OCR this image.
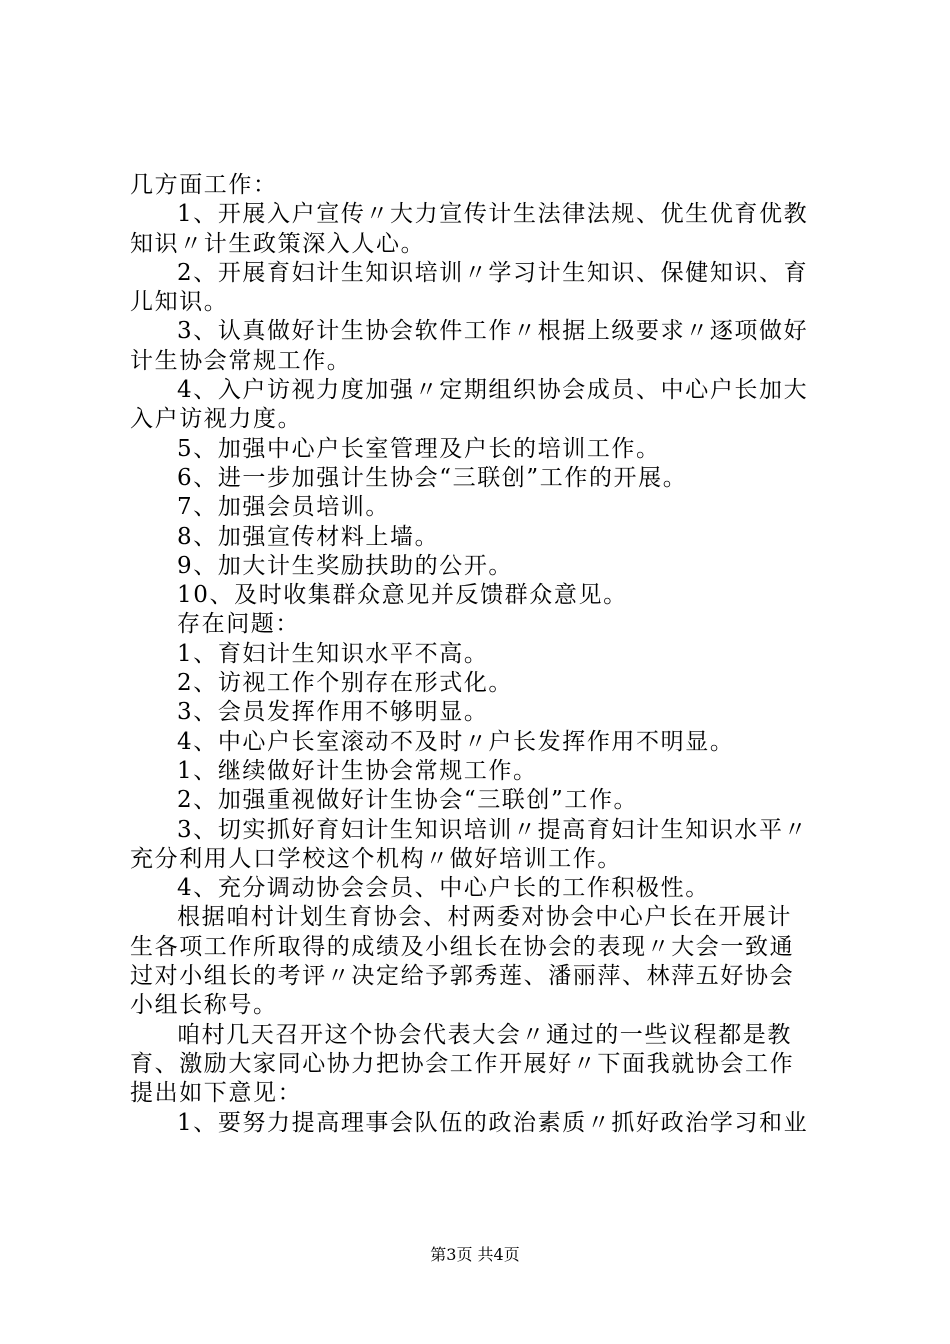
几方面工作：
1、开展入户宣传〃大力宣传计生法律法规、优生优育优教
知识〃计生政策深入人心。
2、开展育妇计生知识培训〃学习计生知识、保健知识、育
儿知识。
3、认真做好计生协会软件工作〃根据上级要求〃逐项做好
计生协会常规工作。
4、入户访视力度加强〃定期组织协会成员、中心户长加大
入户访视力度。
5、加强中心户长室管理及户长的培训工作。
6、进一步加强计生协会“三联创”工作的开展。
7、加强会员培训。
8、加强宣传材料上墙。
9、加大计生奖励扶助的公开。
10、及时收集群众意见并反馈群众意见。
存在问题：
1、育妇计生知识水平不高。
2、访视工作个别存在形式化。
3、会员发挥作用不够明显。
4、中心户长室滚动不及时〃户长发挥作用不明显。
1、继续做好计生协会常规工作。
2、加强重视做好计生协会“三联创”工作。
3、切实抓好育妇计生知识培训〃提高育妇计生知识水平〃
充分利用人口学校这个机构〃做好培训工作。
4、充分调动协会会员、中心户长的工作积极性。
根据咱村计划生育协会、村两委对协会中心户长在开展计
生各项工作所取得的成绩及小组长在协会的表现〃大会一致通
过对小组长的考评〃决定给予郭秀莲、潘丽萍、林萍五好协会
小组长称号。
咱村几天召开这个协会代表大会〃通过的一些议程都是教
育、激励大家同心协力把协会工作开展好〃下面我就协会工作
提出如下意见：
1、要努力提高理事会队伍的政治素质〃抓好政治学习和业
第3页 共4页
